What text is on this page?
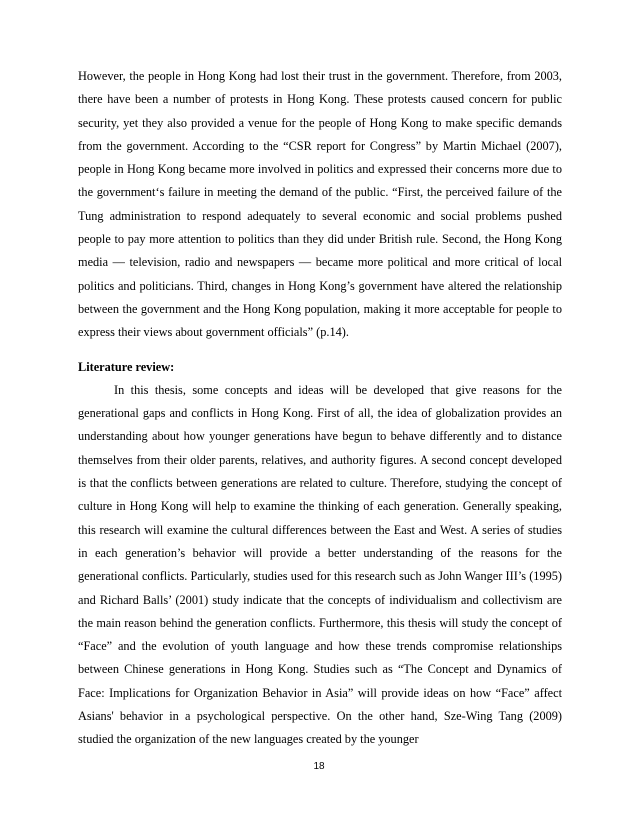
However, the people in Hong Kong had lost their trust in the government. Therefore, from 2003, there have been a number of protests in Hong Kong. These protests caused concern for public security, yet they also provided a venue for the people of Hong Kong to make specific demands from the government. According to the “CSR report for Congress” by Martin Michael (2007), people in Hong Kong became more involved in politics and expressed their concerns more due to the government‘s failure in meeting the demand of the public. “First, the perceived failure of the Tung administration to respond adequately to several economic and social problems pushed people to pay more attention to politics than they did under British rule. Second, the Hong Kong media — television, radio and newspapers — became more political and more critical of local politics and politicians. Third, changes in Hong Kong’s government have altered the relationship between the government and the Hong Kong population, making it more acceptable for people to express their views about government officials” (p.14).

Literature review:

In this thesis, some concepts and ideas will be developed that give reasons for the generational gaps and conflicts in Hong Kong. First of all, the idea of globalization provides an understanding about how younger generations have begun to behave differently and to distance themselves from their older parents, relatives, and authority figures. A second concept developed is that the conflicts between generations are related to culture. Therefore, studying the concept of culture in Hong Kong will help to examine the thinking of each generation. Generally speaking, this research will examine the cultural differences between the East and West. A series of studies in each generation’s behavior will provide a better understanding of the reasons for the generational conflicts. Particularly, studies used for this research such as John Wanger III’s (1995) and Richard Balls’ (2001) study indicate that the concepts of individualism and collectivism are the main reason behind the generation conflicts. Furthermore, this thesis will study the concept of “Face” and the evolution of youth language and how these trends compromise relationships between Chinese generations in Hong Kong. Studies such as “The Concept and Dynamics of Face: Implications for Organization Behavior in Asia” will provide ideas on how “Face” affect Asians' behavior in a psychological perspective. On the other hand, Sze-Wing Tang (2009) studied the organization of the new languages created by the younger

18
